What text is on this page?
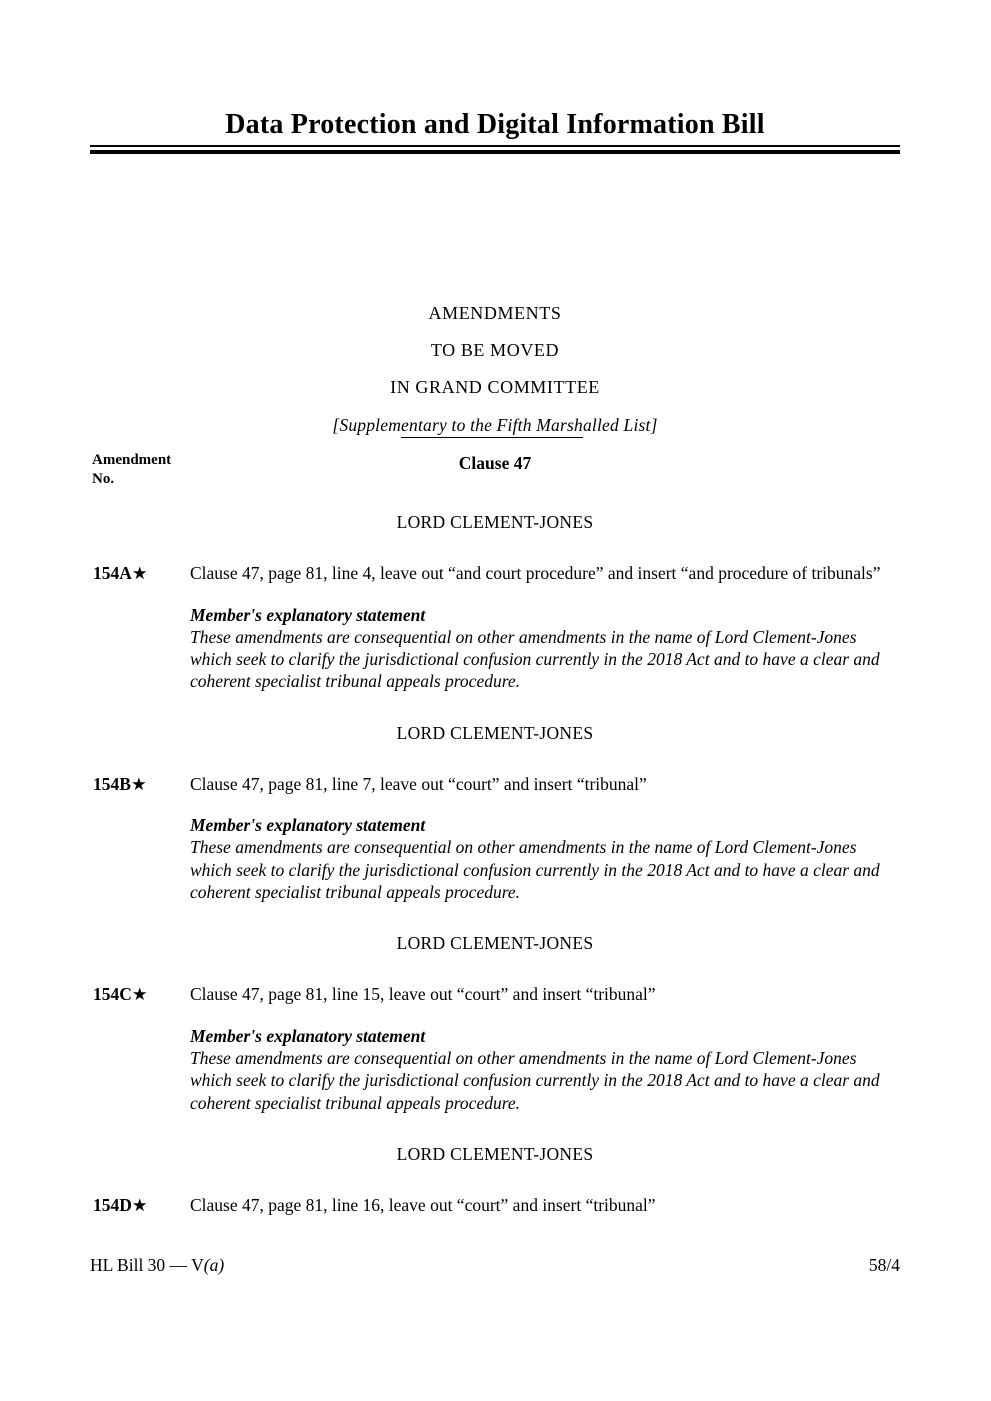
Data Protection and Digital Information Bill
AMENDMENTS
TO BE MOVED
IN GRAND COMMITTEE
[Supplementary to the Fifth Marshalled List]
Amendment
No.
Clause 47
LORD CLEMENT-JONES
154A★	Clause 47, page 81, line 4, leave out “and court procedure” and insert “and procedure of tribunals”
Member's explanatory statement
These amendments are consequential on other amendments in the name of Lord Clement-Jones which seek to clarify the jurisdictional confusion currently in the 2018 Act and to have a clear and coherent specialist tribunal appeals procedure.
LORD CLEMENT-JONES
154B★	Clause 47, page 81, line 7, leave out “court” and insert “tribunal”
Member's explanatory statement
These amendments are consequential on other amendments in the name of Lord Clement-Jones which seek to clarify the jurisdictional confusion currently in the 2018 Act and to have a clear and coherent specialist tribunal appeals procedure.
LORD CLEMENT-JONES
154C★	Clause 47, page 81, line 15, leave out “court” and insert “tribunal”
Member's explanatory statement
These amendments are consequential on other amendments in the name of Lord Clement-Jones which seek to clarify the jurisdictional confusion currently in the 2018 Act and to have a clear and coherent specialist tribunal appeals procedure.
LORD CLEMENT-JONES
154D★	Clause 47, page 81, line 16, leave out “court” and insert “tribunal”
HL Bill 30 — V(a)	58/4
